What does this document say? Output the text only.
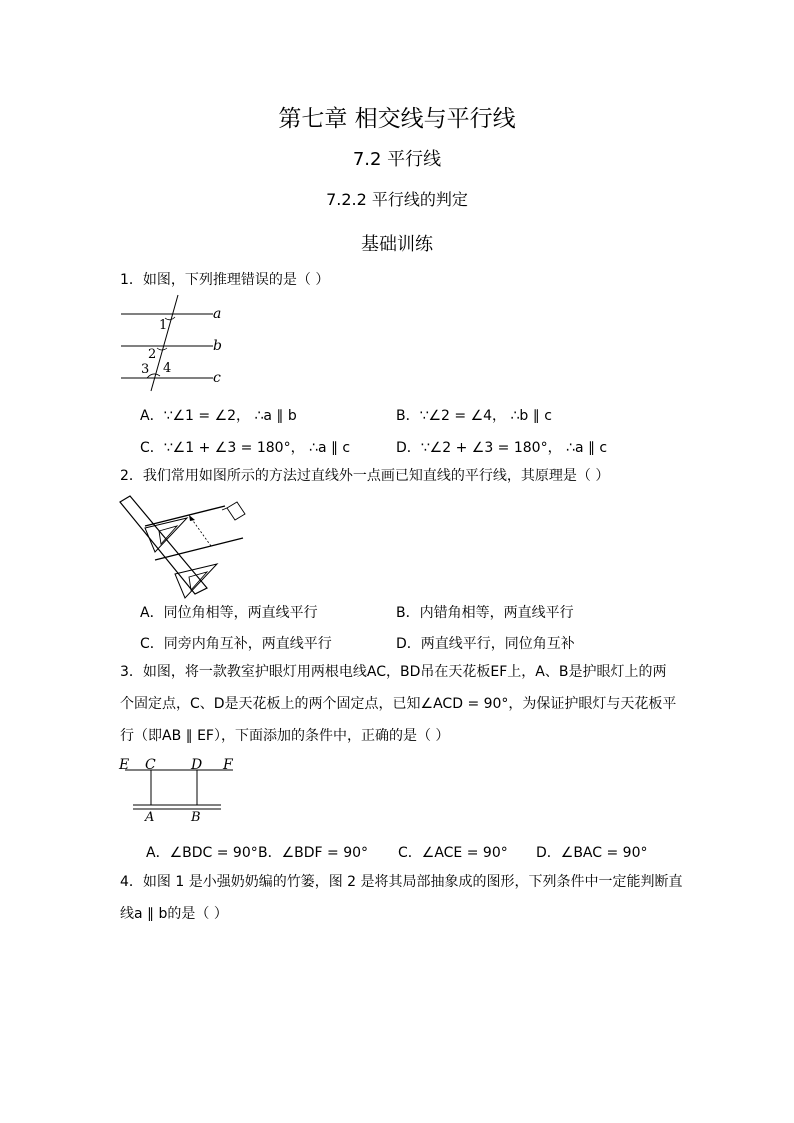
第七章 相交线与平行线
7.2 平行线
7.2.2 平行线的判定
基础训练
1．如图，下列推理错误的是（ ）
a
b
c
1
2
3 4
A．∵∠1 = ∠2， ∴a ∥ b	B．∵∠2 = ∠4， ∴b ∥ c
C．∵∠1 + ∠3 = 180°， ∴a ∥ c	D．∵∠2 + ∠3 = 180°， ∴a ∥ c
2．我们常用如图所示的方法过直线外一点画已知直线的平行线，其原理是（ ）
A．同位角相等，两直线平行	B．内错角相等，两直线平行
C．同旁内角互补，两直线平行	D．两直线平行，同位角互补
3．如图，将一款教室护眼灯用两根电线AC，BD吊在天花板EF上，A、B是护眼灯上的两
个固定点，C、D是天花板上的两个固定点，已知∠ACD = 90°，为保证护眼灯与天花板平
行（即AB ∥ EF），下面添加的条件中，正确的是（ ）
E C	D F
A	B
A．∠BDC = 90° B．∠BDF = 90° C．∠ACE = 90° D．∠BAC = 90°
4．如图 1 是小强奶奶编的竹篓，图 2 是将其局部抽象成的图形，下列条件中一定能判断直
线a ∥ b的是（ ）
